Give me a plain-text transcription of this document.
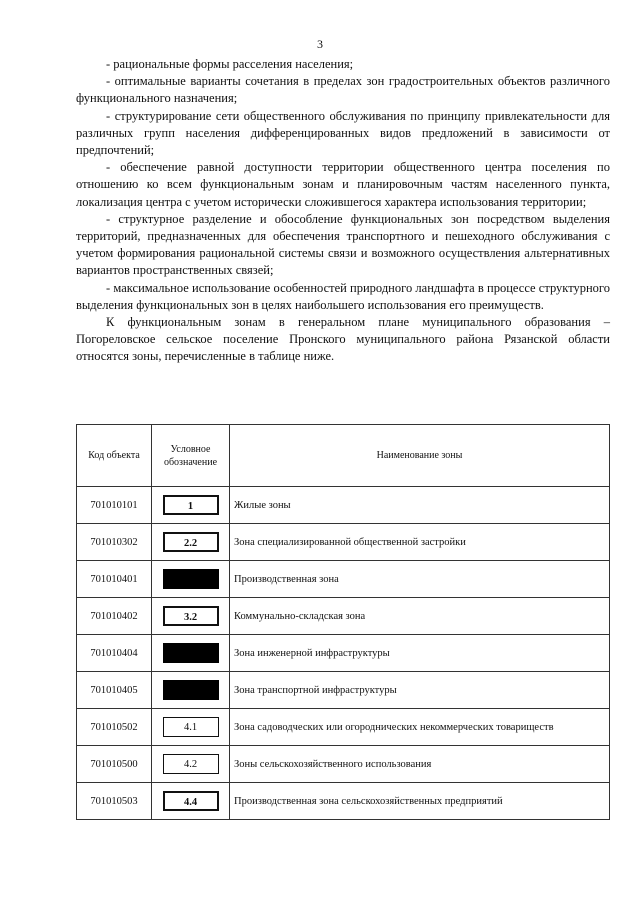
3

- рациональные формы расселения населения;

- оптимальные варианты сочетания в пределах зон градостроительных объектов различного функционального назначения;

- структурирование сети общественного обслуживания по принципу привлекательности для различных групп населения дифференцированных видов предложений в зависимости от предпочтений;

- обеспечение равной доступности территории общественного центра поселения по отношению ко всем функциональным зонам и планировочным частям населенного пункта, локализация центра с учетом исторически сложившегося характера использования территории;

- структурное разделение и обособление функциональных зон посредством выделения территорий, предназначенных для обеспечения транспортного и пешеходного обслуживания с учетом формирования рациональной системы связи и возможного осуществления альтернативных вариантов пространственных связей;

- максимальное использование особенностей природного ландшафта в процессе структурного выделения функциональных зон в целях наибольшего использования его преимуществ.

К функциональным зонам в генеральном плане муниципального образования – Погореловское сельское поселение Пронского муниципального района Рязанской области относятся зоны, перечисленные в таблице ниже.

Код объекта	Условное обозначение	Наименование зоны
701010101	1	Жилые зоны
701010302	2.2	Зона специализированной общественной застройки
701010401		Производственная зона
701010402	3.2	Коммунально-складская зона
701010404		Зона инженерной инфраструктуры
701010405		Зона транспортной инфраструктуры
701010502	4.1	Зона садоводческих или огороднических некоммерческих товариществ
701010500	4.2	Зоны сельскохозяйственного использования
701010503	4.4	Производственная зона сельскохозяйственных предприятий
